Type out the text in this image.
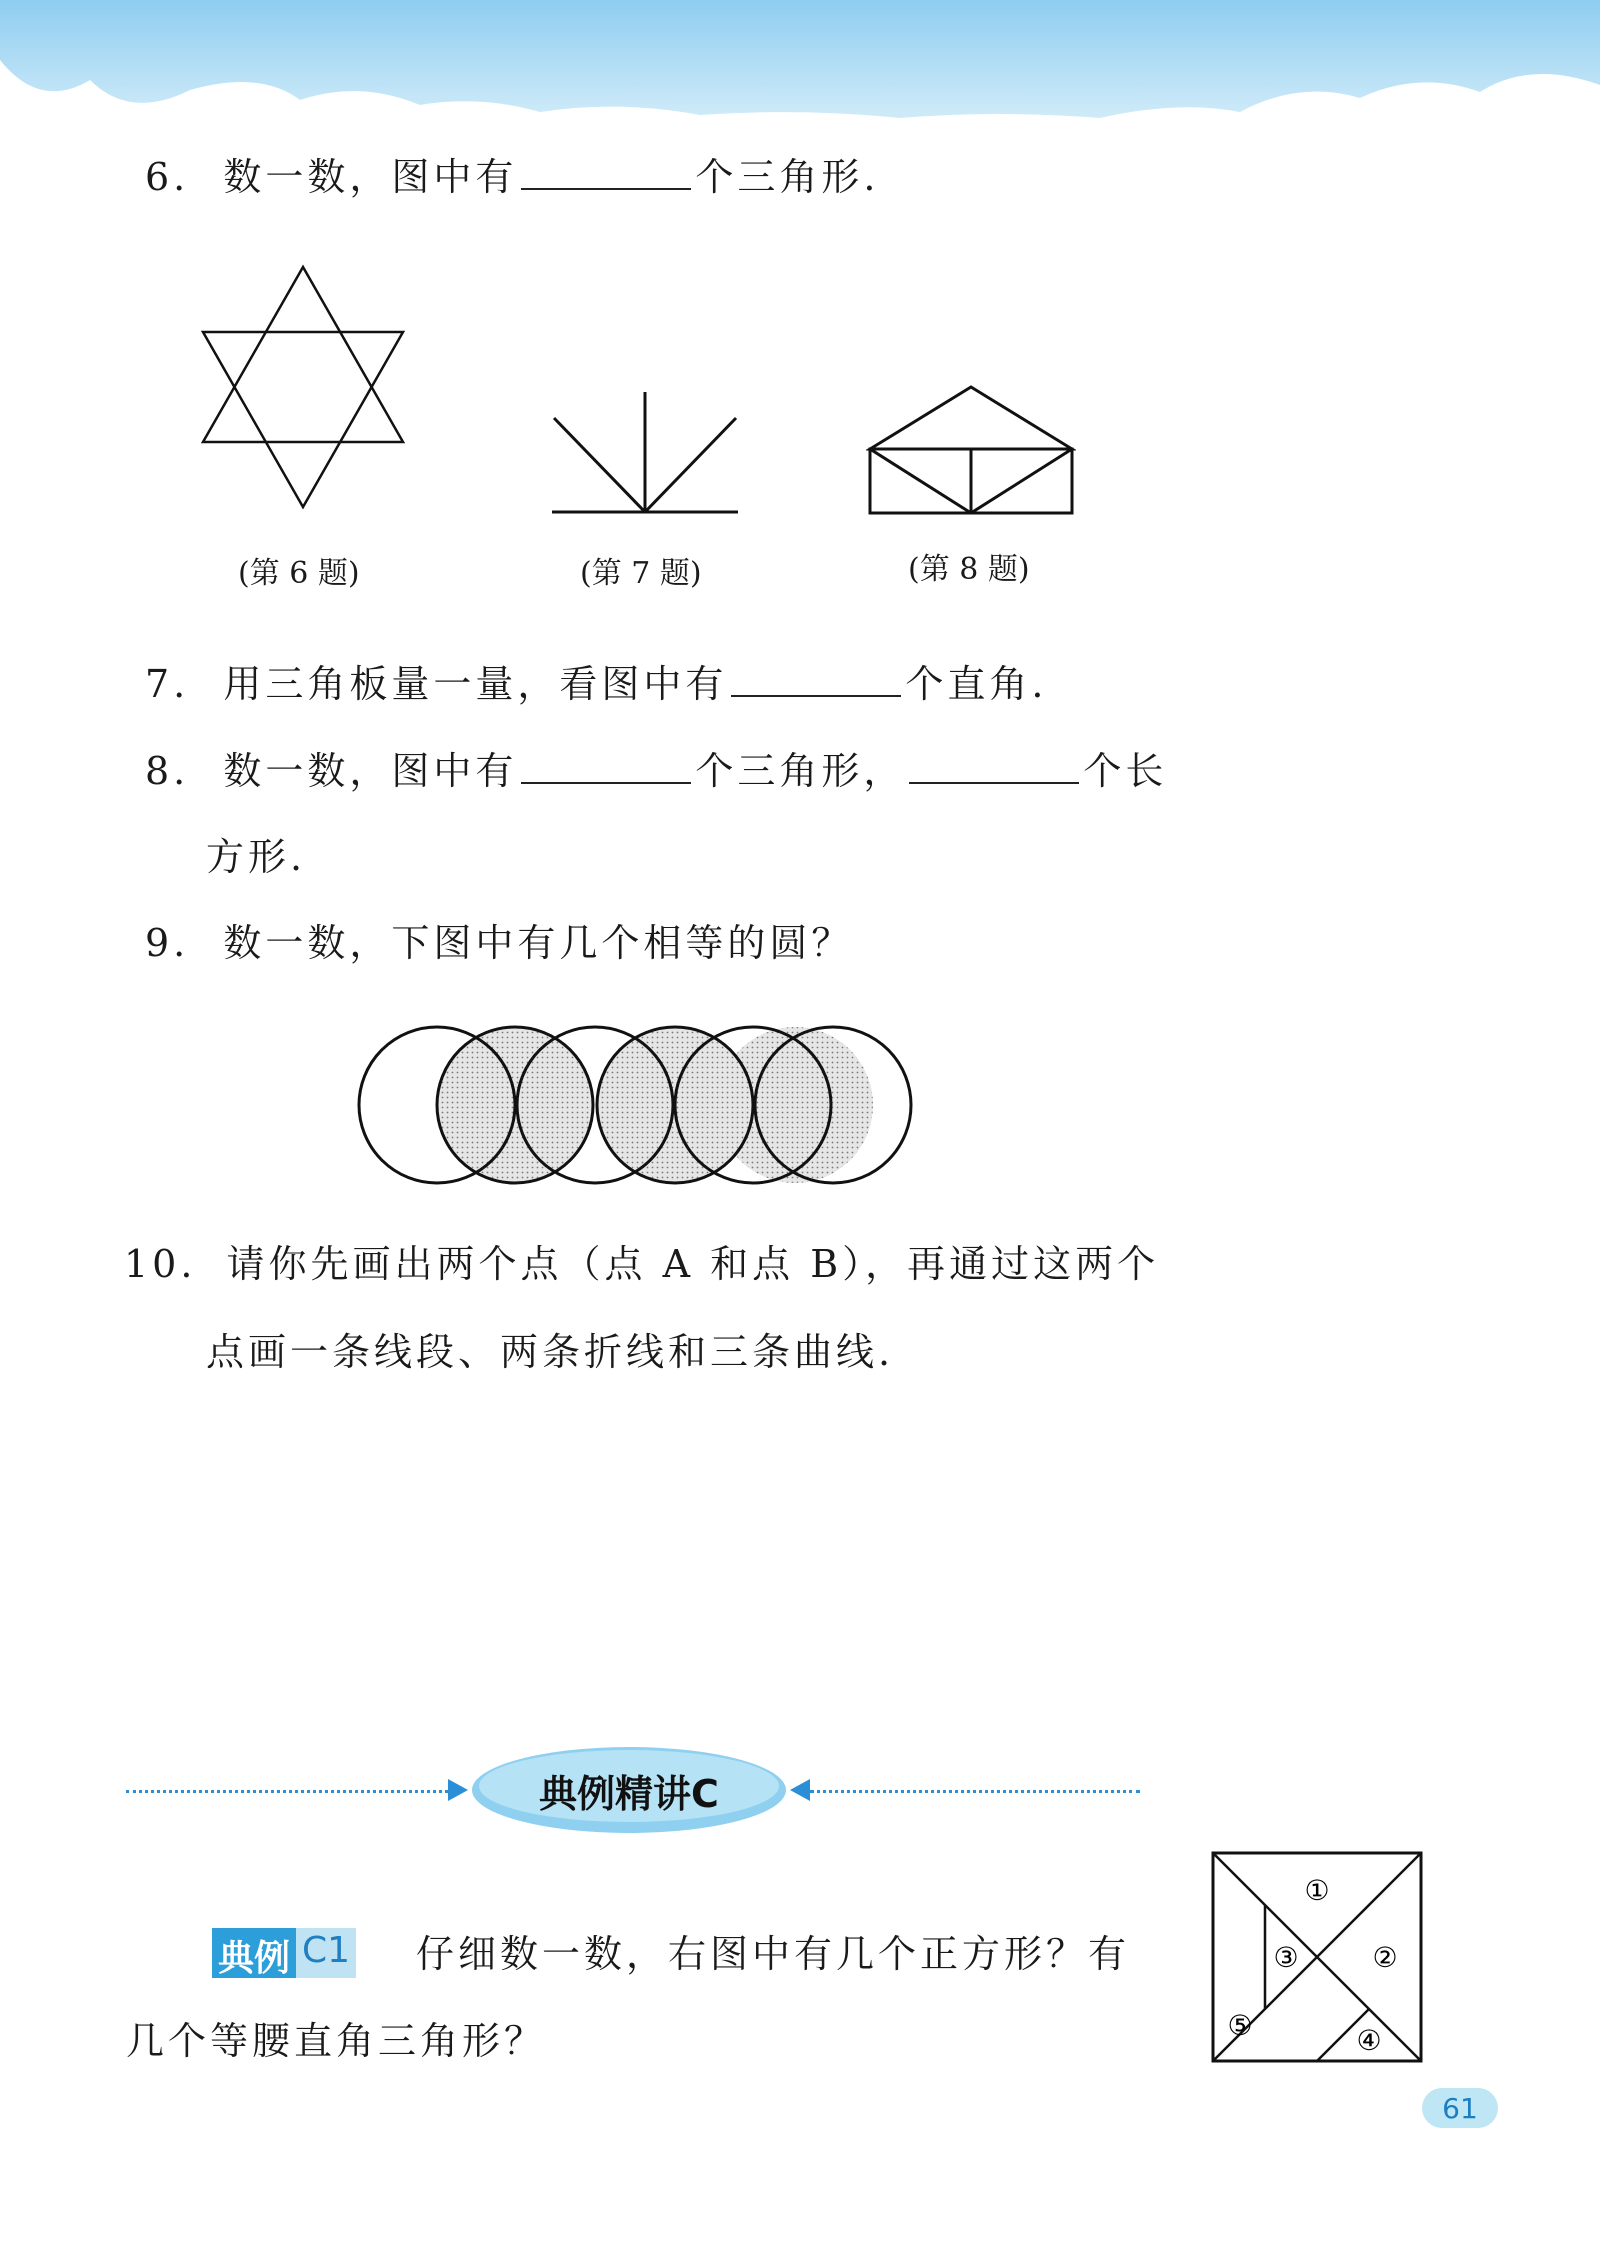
6. 数一数，图中有	个三角形.
(第 6 题)	(第 7 题)	(第 8 题)
7. 用三角板量一量，看图中有	个直角.
8. 数一数，图中有	个三角形，	个长
方形.
9. 数一数，下图中有几个相等的圆？
10. 请你先画出两个点（点 A 和点 B），再通过这两个
点画一条线段、两条折线和三条曲线.
典例精讲C
典例 C1 仔细数一数，右图中有几个正方形？有
几个等腰直角三角形？
①
②
③
④
⑤
61
